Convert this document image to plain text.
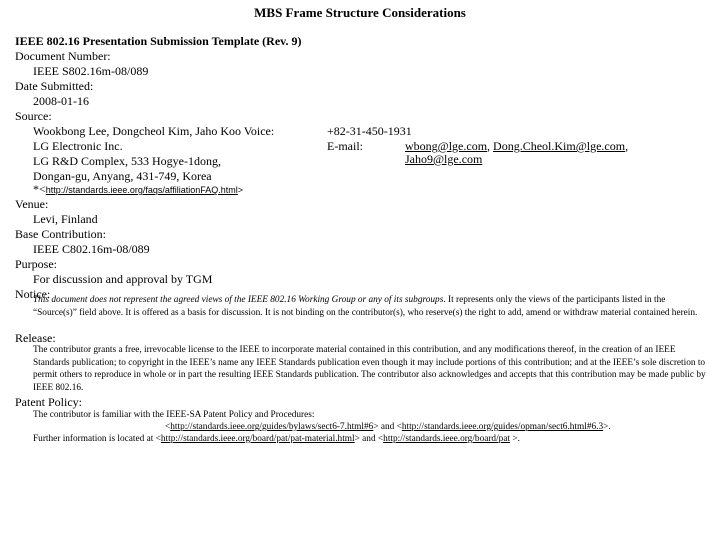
MBS Frame Structure Considerations
IEEE 802.16 Presentation Submission Template (Rev. 9)
Document Number:
IEEE S802.16m-08/089
Date Submitted:
2008-01-16
Source:
Wookbong Lee, Dongcheol Kim, Jaho Koo Voice:
LG Electronic Inc.
LG R&D Complex, 533 Hogye-1dong,
Dongan-gu, Anyang, 431-749, Korea
+82-31-450-1931
E-mail:	wbong@lge.com, Dong.Cheol.Kim@lge.com,
Jaho9@lge.com
*<http://standards.ieee.org/faqs/affiliationFAQ.html>
Venue:
Levi, Finland
Base Contribution:
IEEE C802.16m-08/089
Purpose:
For discussion and approval by TGM
Notice:
This document does not represent the agreed views of the IEEE 802.16 Working Group or any of its subgroups. It represents only the views of the participants listed in the “Source(s)” field above. It is offered as a basis for discussion. It is not binding on the contributor(s), who reserve(s) the right to add, amend or withdraw material contained herein.
Release:
The contributor grants a free, irrevocable license to the IEEE to incorporate material contained in this contribution, and any modifications thereof, in the creation of an IEEE Standards publication; to copyright in the IEEE’s name any IEEE Standards publication even though it may include portions of this contribution; and at the IEEE’s sole discretion to permit others to reproduce in whole or in part the resulting IEEE Standards publication. The contributor also acknowledges and accepts that this contribution may be made public by IEEE 802.16.
Patent Policy:
The contributor is familiar with the IEEE-SA Patent Policy and Procedures:
<http://standards.ieee.org/guides/bylaws/sect6-7.html#6> and <http://standards.ieee.org/guides/opman/sect6.html#6.3>.
Further information is located at <http://standards.ieee.org/board/pat/pat-material.html> and <http://standards.ieee.org/board/pat >.
